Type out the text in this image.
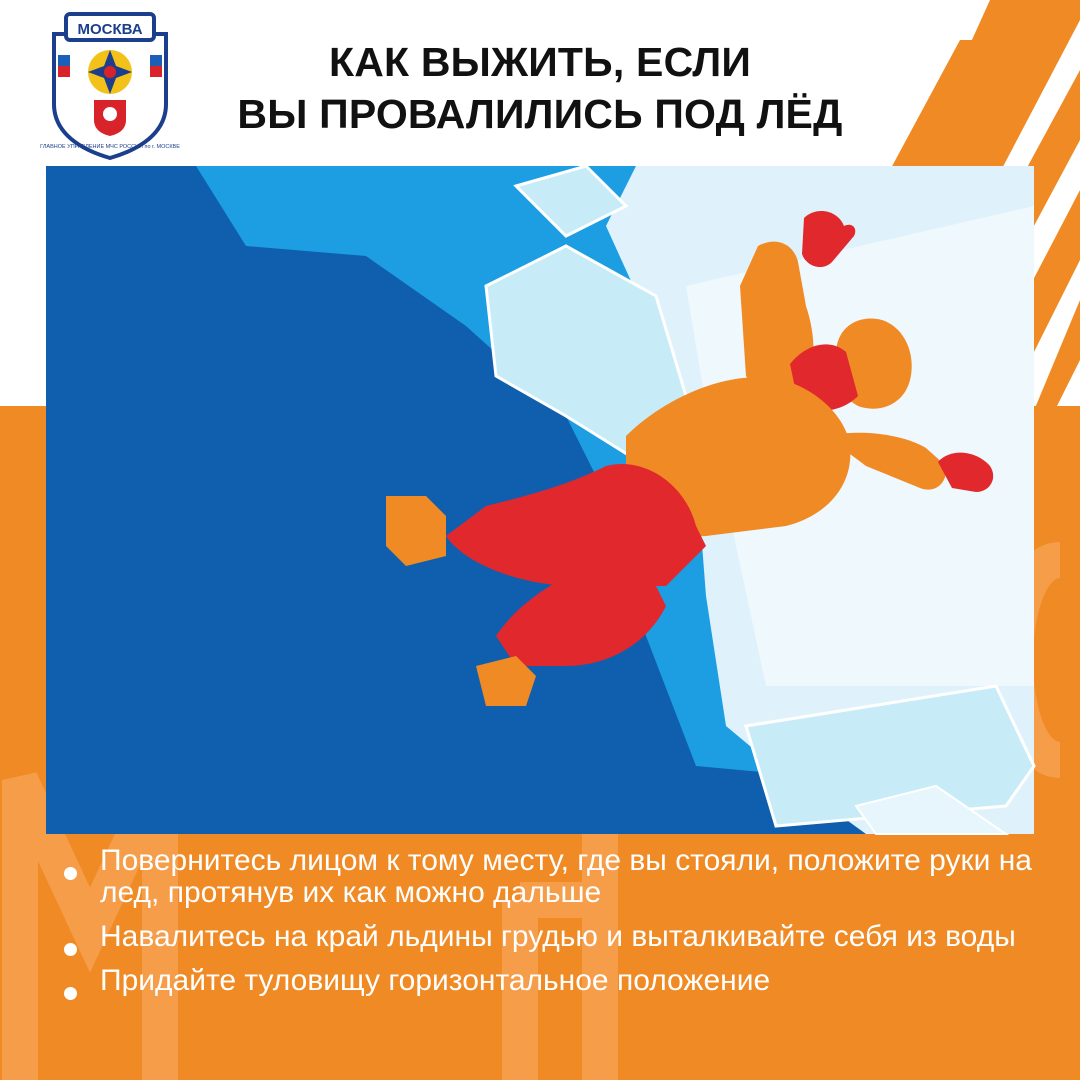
МОСКВА
ГЛАВНОЕ УПРАВЛЕНИЕ МЧС РОССИИ по г. МОСКВЕ
КАК ВЫЖИТЬ, ЕСЛИ
ВЫ ПРОВАЛИЛИСЬ ПОД ЛЁД
Повернитесь лицом к тому месту, где вы стояли, положите руки на лед, протянув их как можно дальше
Навалитесь на край льдины грудью и выталкивайте себя из воды
Придайте туловищу горизонтальное положение
